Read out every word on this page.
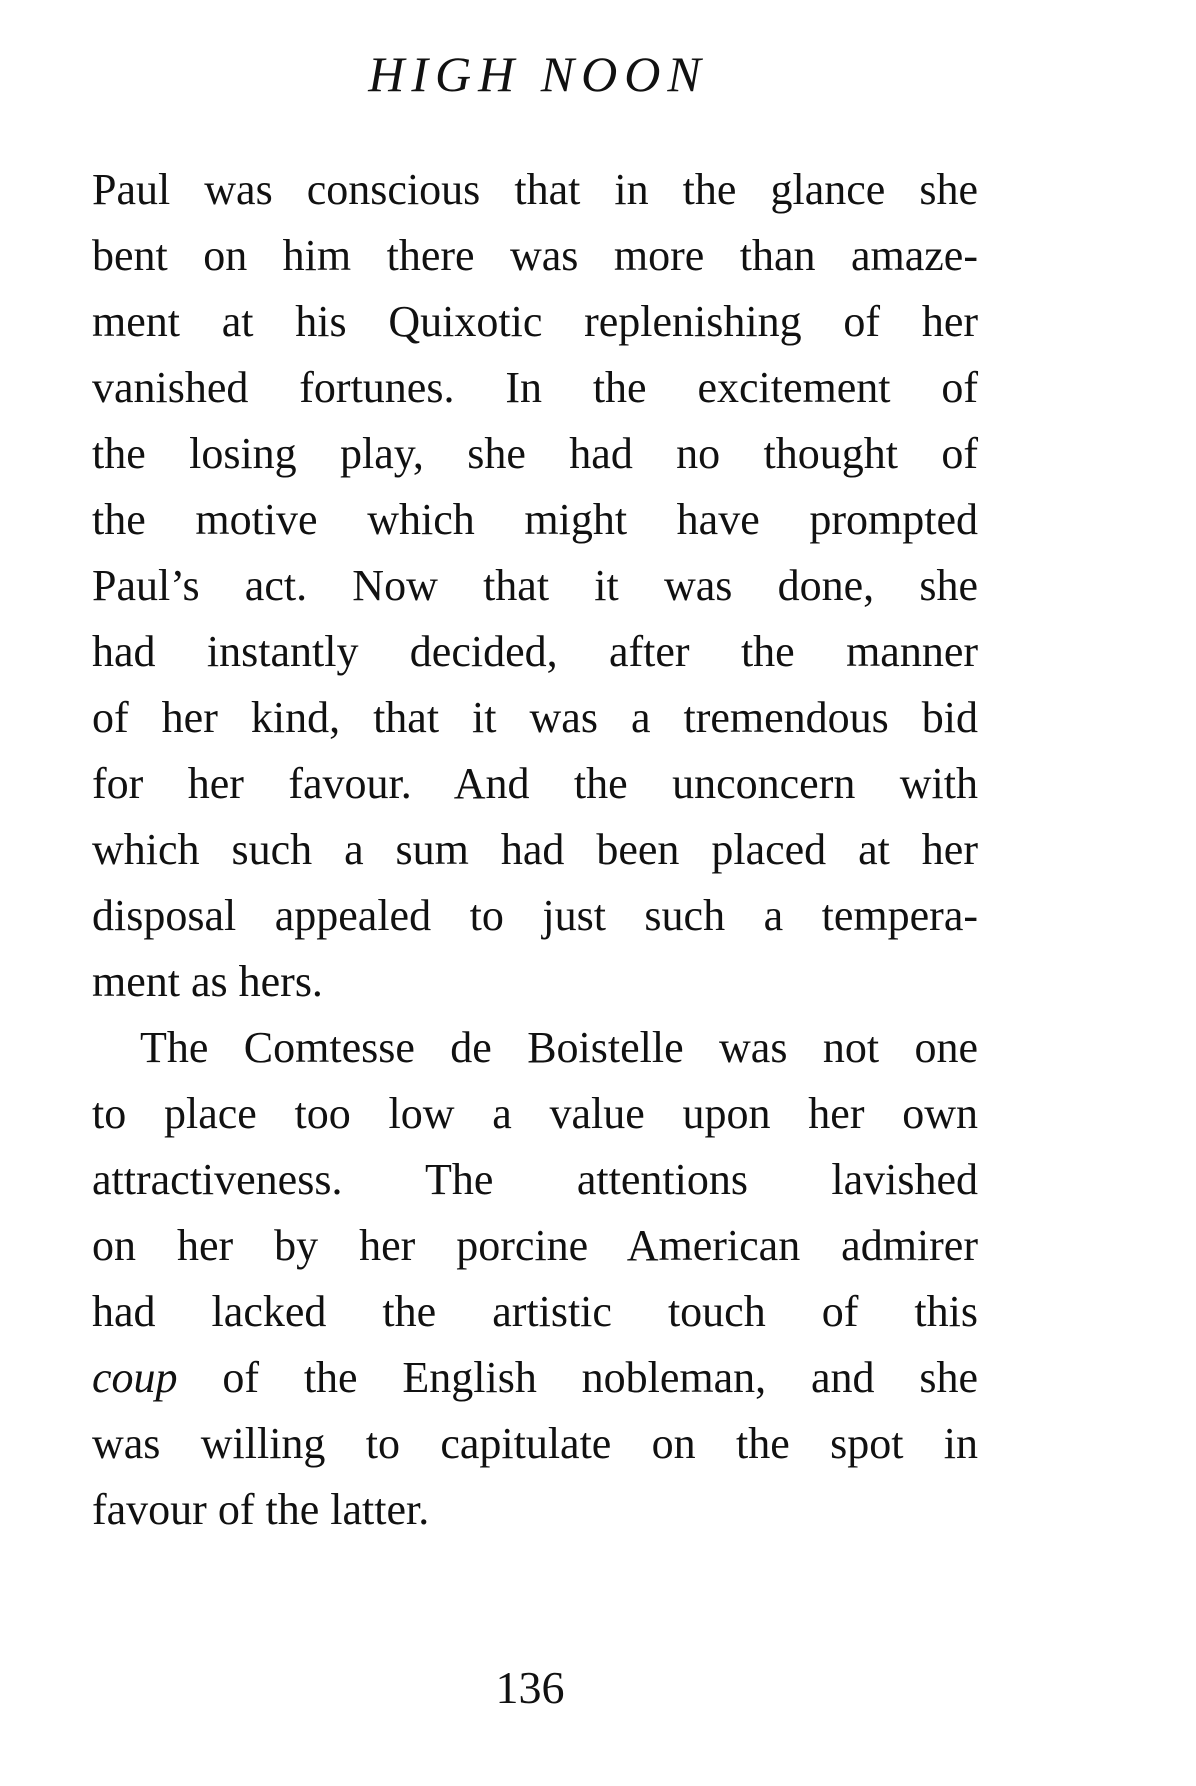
HIGH NOON
Paul was conscious that in the glance she
bent on him there was more than amaze-
ment at his Quixotic replenishing of her
vanished fortunes. In the excitement of
the losing play, she had no thought of
the motive which might have prompted
Paul’s act. Now that it was done, she
had instantly decided, after the manner
of her kind, that it was a tremendous bid
for her favour. And the unconcern with
which such a sum had been placed at her
disposal appealed to just such a tempera-
ment as hers.
The Comtesse de Boistelle was not one
to place too low a value upon her own
attractiveness. The attentions lavished
on her by her porcine American admirer
had lacked the artistic touch of this
coup of the English nobleman, and she
was willing to capitulate on the spot in
favour of the latter.
136
